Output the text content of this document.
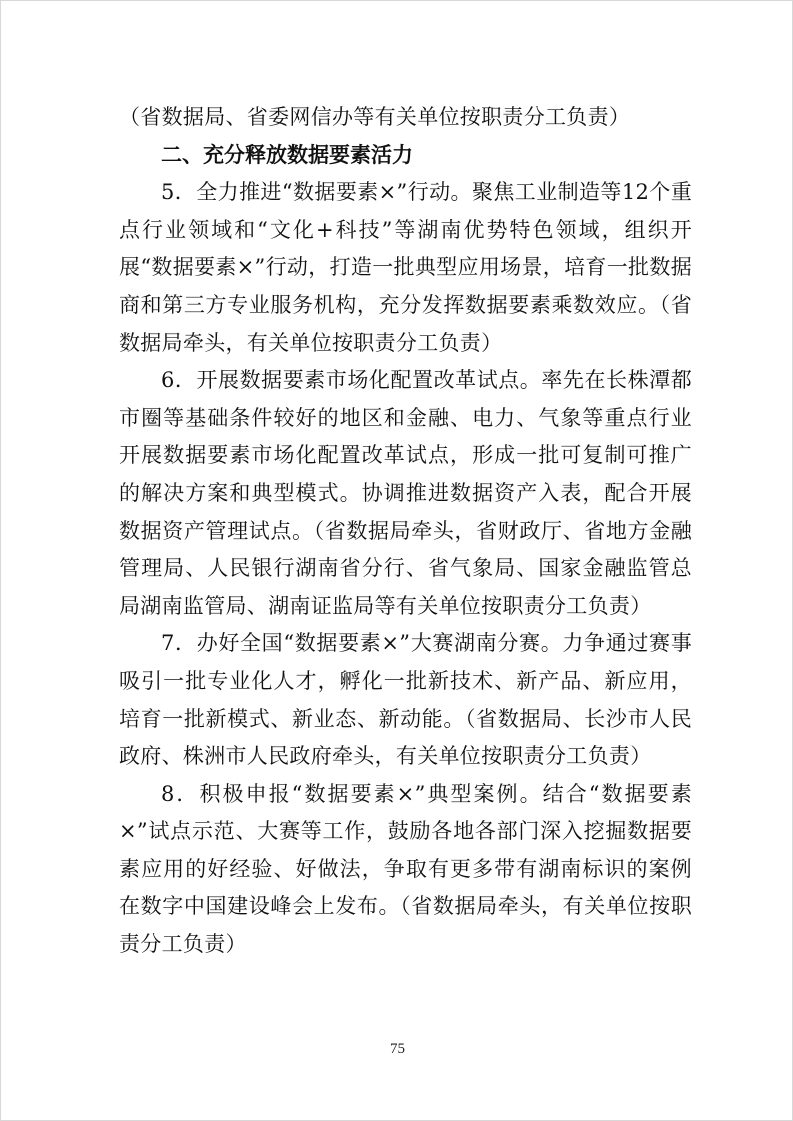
（省数据局、省委网信办等有关单位按职责分工负责）

二、充分释放数据要素活力

5．全力推进“数据要素×”行动。聚焦工业制造等12个重点行业领域和“文化+科技”等湖南优势特色领域，组织开展“数据要素×”行动，打造一批典型应用场景，培育一批数据商和第三方专业服务机构，充分发挥数据要素乘数效应。（省数据局牵头，有关单位按职责分工负责）

6．开展数据要素市场化配置改革试点。率先在长株潭都市圈等基础条件较好的地区和金融、电力、气象等重点行业开展数据要素市场化配置改革试点，形成一批可复制可推广的解决方案和典型模式。协调推进数据资产入表，配合开展数据资产管理试点。（省数据局牵头，省财政厅、省地方金融管理局、人民银行湖南省分行、省气象局、国家金融监管总局湖南监管局、湖南证监局等有关单位按职责分工负责）

7．办好全国“数据要素×”大赛湖南分赛。力争通过赛事吸引一批专业化人才，孵化一批新技术、新产品、新应用，培育一批新模式、新业态、新动能。（省数据局、长沙市人民政府、株洲市人民政府牵头，有关单位按职责分工负责）

8．积极申报“数据要素×”典型案例。结合“数据要素×”试点示范、大赛等工作，鼓励各地各部门深入挖掘数据要素应用的好经验、好做法，争取有更多带有湖南标识的案例在数字中国建设峰会上发布。（省数据局牵头，有关单位按职责分工负责）

75
